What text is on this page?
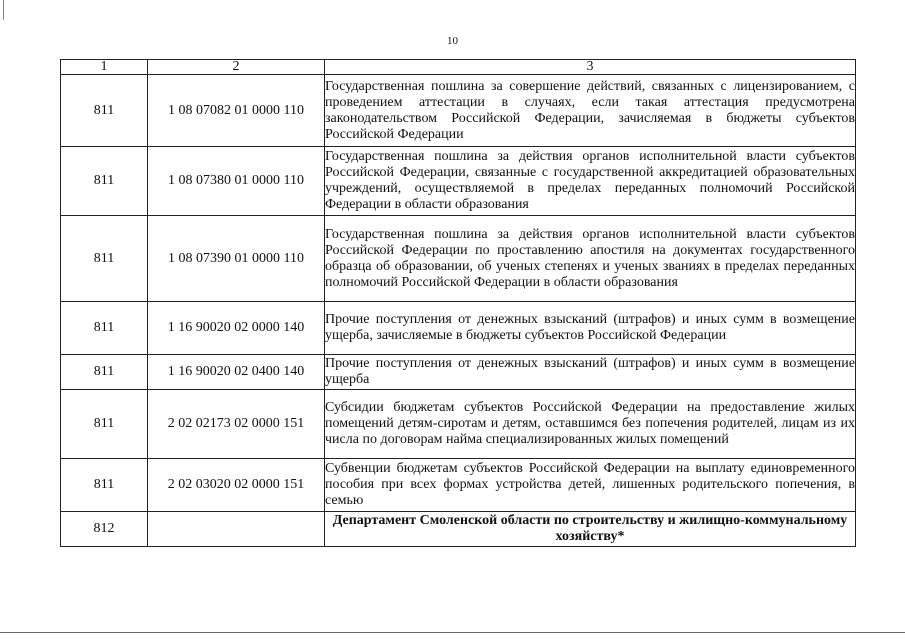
10
1	2	3
811	1 08 07082 01 0000 110	Государственная пошлина за совершение действий, связанных с лицензированием, с проведением аттестации в случаях, если такая аттестация предусмотрена законодательством Российской Федерации, зачисляемая в бюджеты субъектов Российской Федерации

811	1 08 07380 01 0000 110	Государственная пошлина за действия органов исполнительной власти субъектов Российской Федерации, связанные с государственной аккредитацией образовательных учреждений, осуществляемой в пределах переданных полномочий Российской Федерации в области образования

811	1 08 07390 01 0000 110	Государственная пошлина за действия органов исполнительной власти субъектов Российской Федерации по проставлению апостиля на документах государственного образца об образовании, об ученых степенях и ученых званиях в пределах переданных полномочий Российской Федерации в области образования

811	1 16 90020 02 0000 140	Прочие поступления от денежных взысканий (штрафов) и иных сумм в возмещение ущерба, зачисляемые в бюджеты субъектов Российской Федерации

811	1 16 90020 02 0400 140	Прочие поступления от денежных взысканий (штрафов) и иных сумм в возмещение ущерба

811	2 02 02173 02 0000 151	Субсидии бюджетам субъектов Российской Федерации на предоставление жилых помещений детям-сиротам и детям, оставшимся без попечения родителей, лицам из их числа по договорам найма специализированных жилых помещений

811	2 02 03020 02 0000 151	Субвенции бюджетам субъектов Российской Федерации на выплату единовременного пособия при всех формах устройства детей, лишенных родительского попечения, в семью

812		Департамент Смоленской области по строительству и жилищно-коммунальному хозяйству*
